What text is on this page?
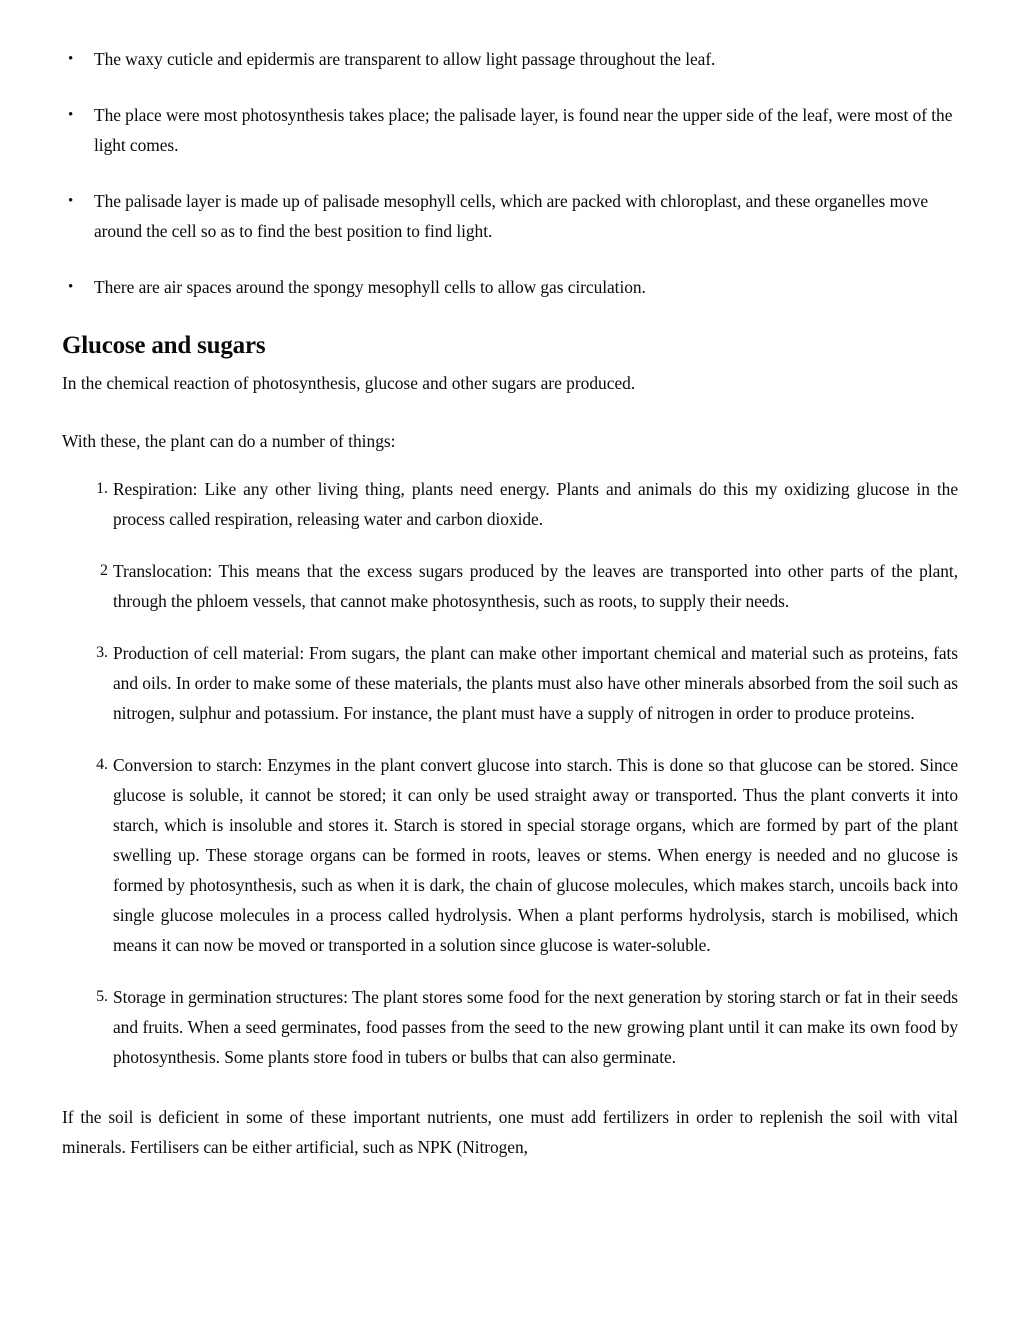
• The waxy cuticle and epidermis are transparent to allow light passage throughout the leaf.
• The place were most photosynthesis takes place; the palisade layer, is found near the upper side of the leaf, were most of the light comes.
• The palisade layer is made up of palisade mesophyll cells, which are packed with chloroplast, and these organelles move around the cell so as to find the best position to find light.
• There are air spaces around the spongy mesophyll cells to allow gas circulation.
Glucose and sugars

In the chemical reaction of photosynthesis, glucose and other sugars are produced.

With these, the plant can do a number of things:

1. Respiration: Like any other living thing, plants need energy. Plants and animals do this my oxidizing glucose in the process called respiration, releasing water and carbon dioxide.
2 Translocation: This means that the excess sugars produced by the leaves are transported into other parts of the plant, through the phloem vessels, that cannot make photosynthesis, such as roots, to supply their needs.
3. Production of cell material: From sugars, the plant can make other important chemical and material such as proteins, fats and oils. In order to make some of these materials, the plants must also have other minerals absorbed from the soil such as nitrogen, sulphur and potassium. For instance, the plant must have a supply of nitrogen in order to produce proteins.
4. Conversion to starch: Enzymes in the plant convert glucose into starch. This is done so that glucose can be stored. Since glucose is soluble, it cannot be stored; it can only be used straight away or transported. Thus the plant converts it into starch, which is insoluble and stores it. Starch is stored in special storage organs, which are formed by part of the plant swelling up. These storage organs can be formed in roots, leaves or stems. When energy is needed and no glucose is formed by photosynthesis, such as when it is dark, the chain of glucose molecules, which makes starch, uncoils back into single glucose molecules in a process called hydrolysis. When a plant performs hydrolysis, starch is mobilised, which means it can now be moved or transported in a solution since glucose is water-soluble.
5. Storage in germination structures: The plant stores some food for the next generation by storing starch or fat in their seeds and fruits. When a seed germinates, food passes from the seed to the new growing plant until it can make its own food by photosynthesis. Some plants store food in tubers or bulbs that can also germinate.

If the soil is deficient in some of these important nutrients, one must add fertilizers in order to replenish the soil with vital minerals. Fertilisers can be either artificial, such as NPK (Nitrogen,
